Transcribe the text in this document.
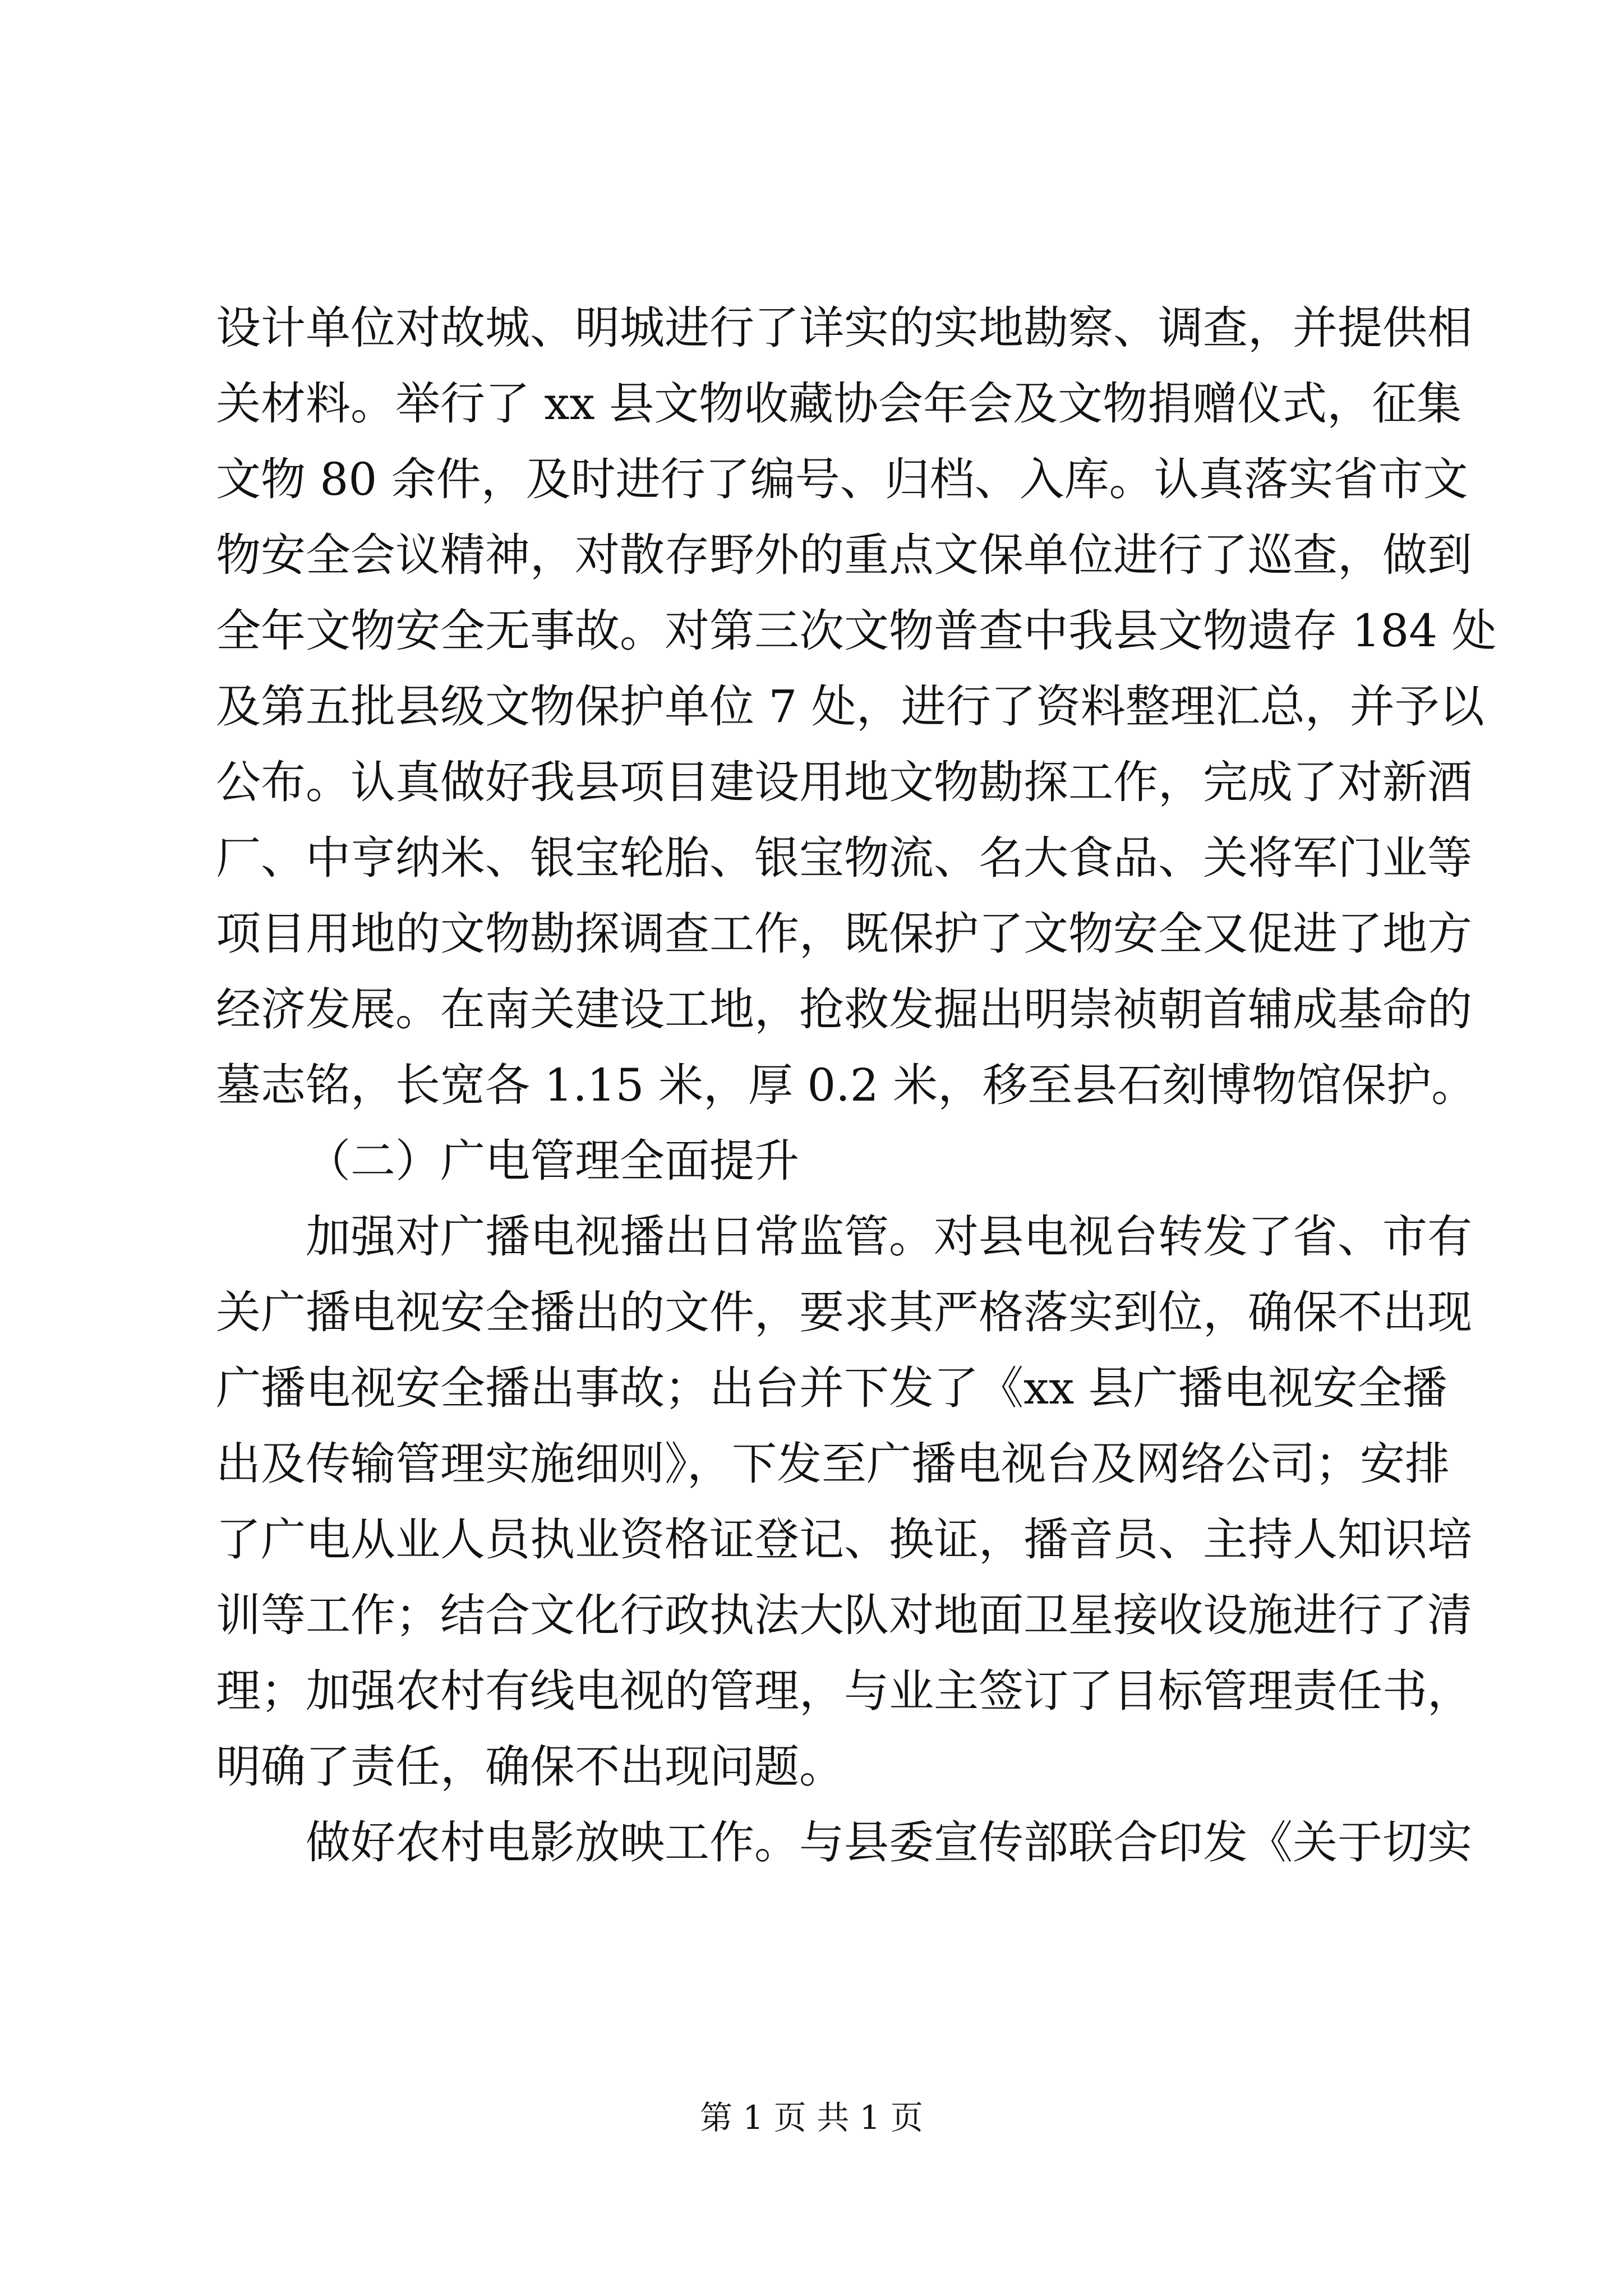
设计单位对故城、明城进行了详实的实地勘察、调查，并提供相
关材料。举行了 xx 县文物收藏协会年会及文物捐赠仪式，征集
文物 80 余件，及时进行了编号、归档、入库。认真落实省市文
物安全会议精神，对散存野外的重点文保单位进行了巡查，做到
全年文物安全无事故。对第三次文物普查中我县文物遗存 184 处
及第五批县级文物保护单位 7 处，进行了资料整理汇总，并予以
公布。认真做好我县项目建设用地文物勘探工作，完成了对新酒
厂、中亨纳米、银宝轮胎、银宝物流、名大食品、关将军门业等
项目用地的文物勘探调查工作，既保护了文物安全又促进了地方
经济发展。在南关建设工地，抢救发掘出明崇祯朝首辅成基命的
墓志铭，长宽各 1.15 米，厚 0.2 米，移至县石刻博物馆保护。
（二）广电管理全面提升
加强对广播电视播出日常监管。对县电视台转发了省、市有
关广播电视安全播出的文件，要求其严格落实到位，确保不出现
广播电视安全播出事故；出台并下发了《xx 县广播电视安全播
出及传输管理实施细则》，下发至广播电视台及网络公司；安排
了广电从业人员执业资格证登记、换证，播音员、主持人知识培
训等工作；结合文化行政执法大队对地面卫星接收设施进行了清
理；加强农村有线电视的管理，与业主签订了目标管理责任书，
明确了责任，确保不出现问题。
做好农村电影放映工作。与县委宣传部联合印发《关于切实
第 1 页 共 1 页
